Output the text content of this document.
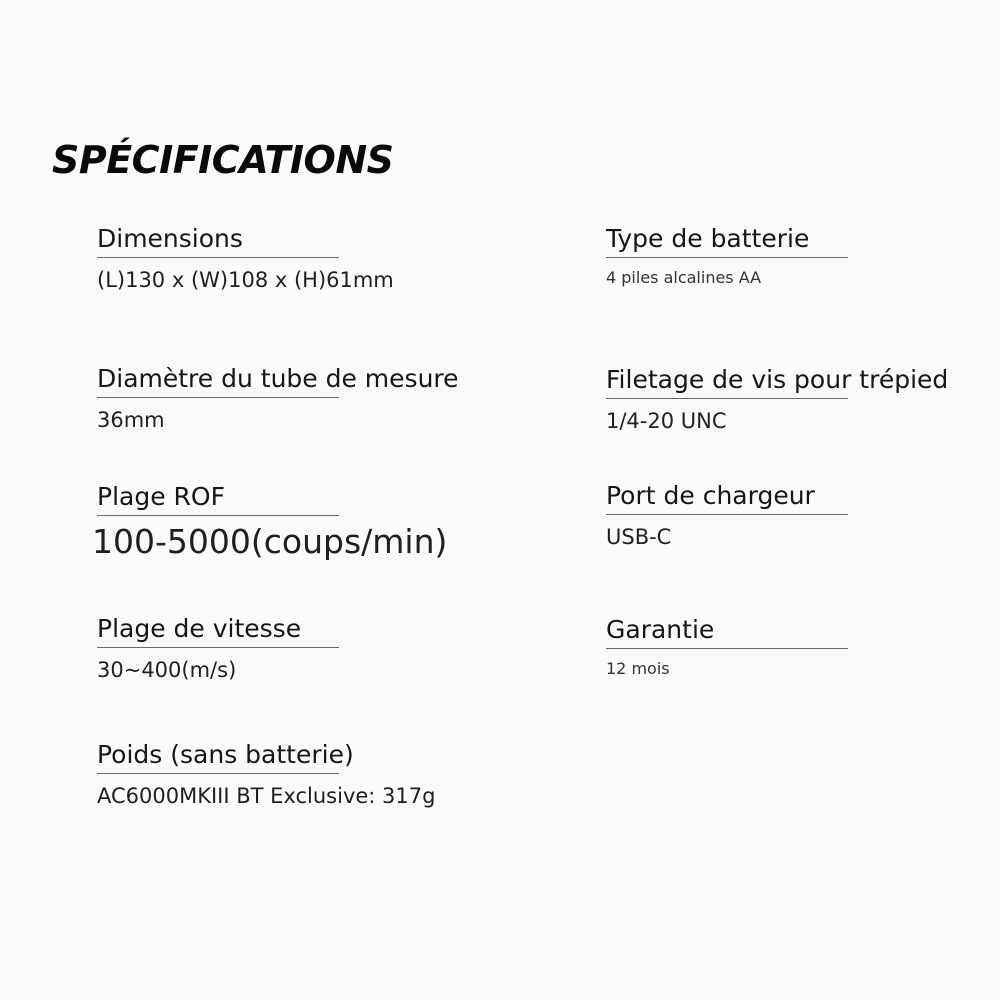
SPÉCIFICATIONS
Dimensions
(L)130 x (W)108 x (H)61mm
Diamètre du tube de mesure
36mm
Plage ROF
100-5000(coups/min)
Plage de vitesse
30~400(m/s)
Poids (sans batterie)
AC6000MKIII BT Exclusive: 317g
Type de batterie
4 piles alcalines AA
Filetage de vis pour trépied
1/4-20 UNC
Port de chargeur
USB-C
Garantie
12 mois
